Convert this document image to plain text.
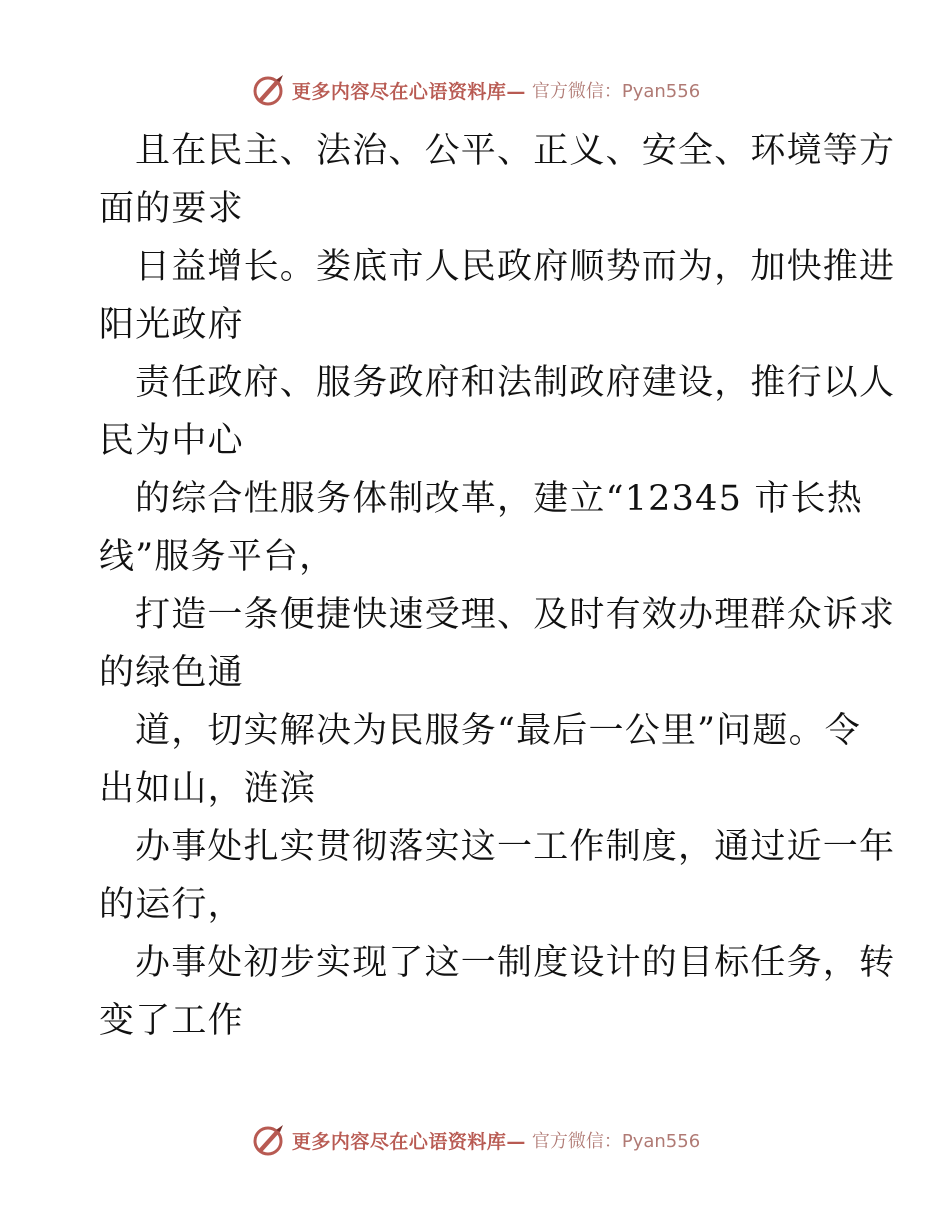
更多内容尽在心语资料库— 官方微信：Pyan556
且在民主、法治、公平、正义、安全、环境等方
面的要求
日益增长。娄底市人民政府顺势而为，加快推进
阳光政府
责任政府、服务政府和法制政府建设，推行以人
民为中心
的综合性服务体制改革，建立“12345 市长热
线”服务平台，
打造一条便捷快速受理、及时有效办理群众诉求
的绿色通
道，切实解决为民服务“最后一公里”问题。令
出如山，涟滨
办事处扎实贯彻落实这一工作制度，通过近一年
的运行，
办事处初步实现了这一制度设计的目标任务，转
变了工作
更多内容尽在心语资料库— 官方微信：Pyan556
